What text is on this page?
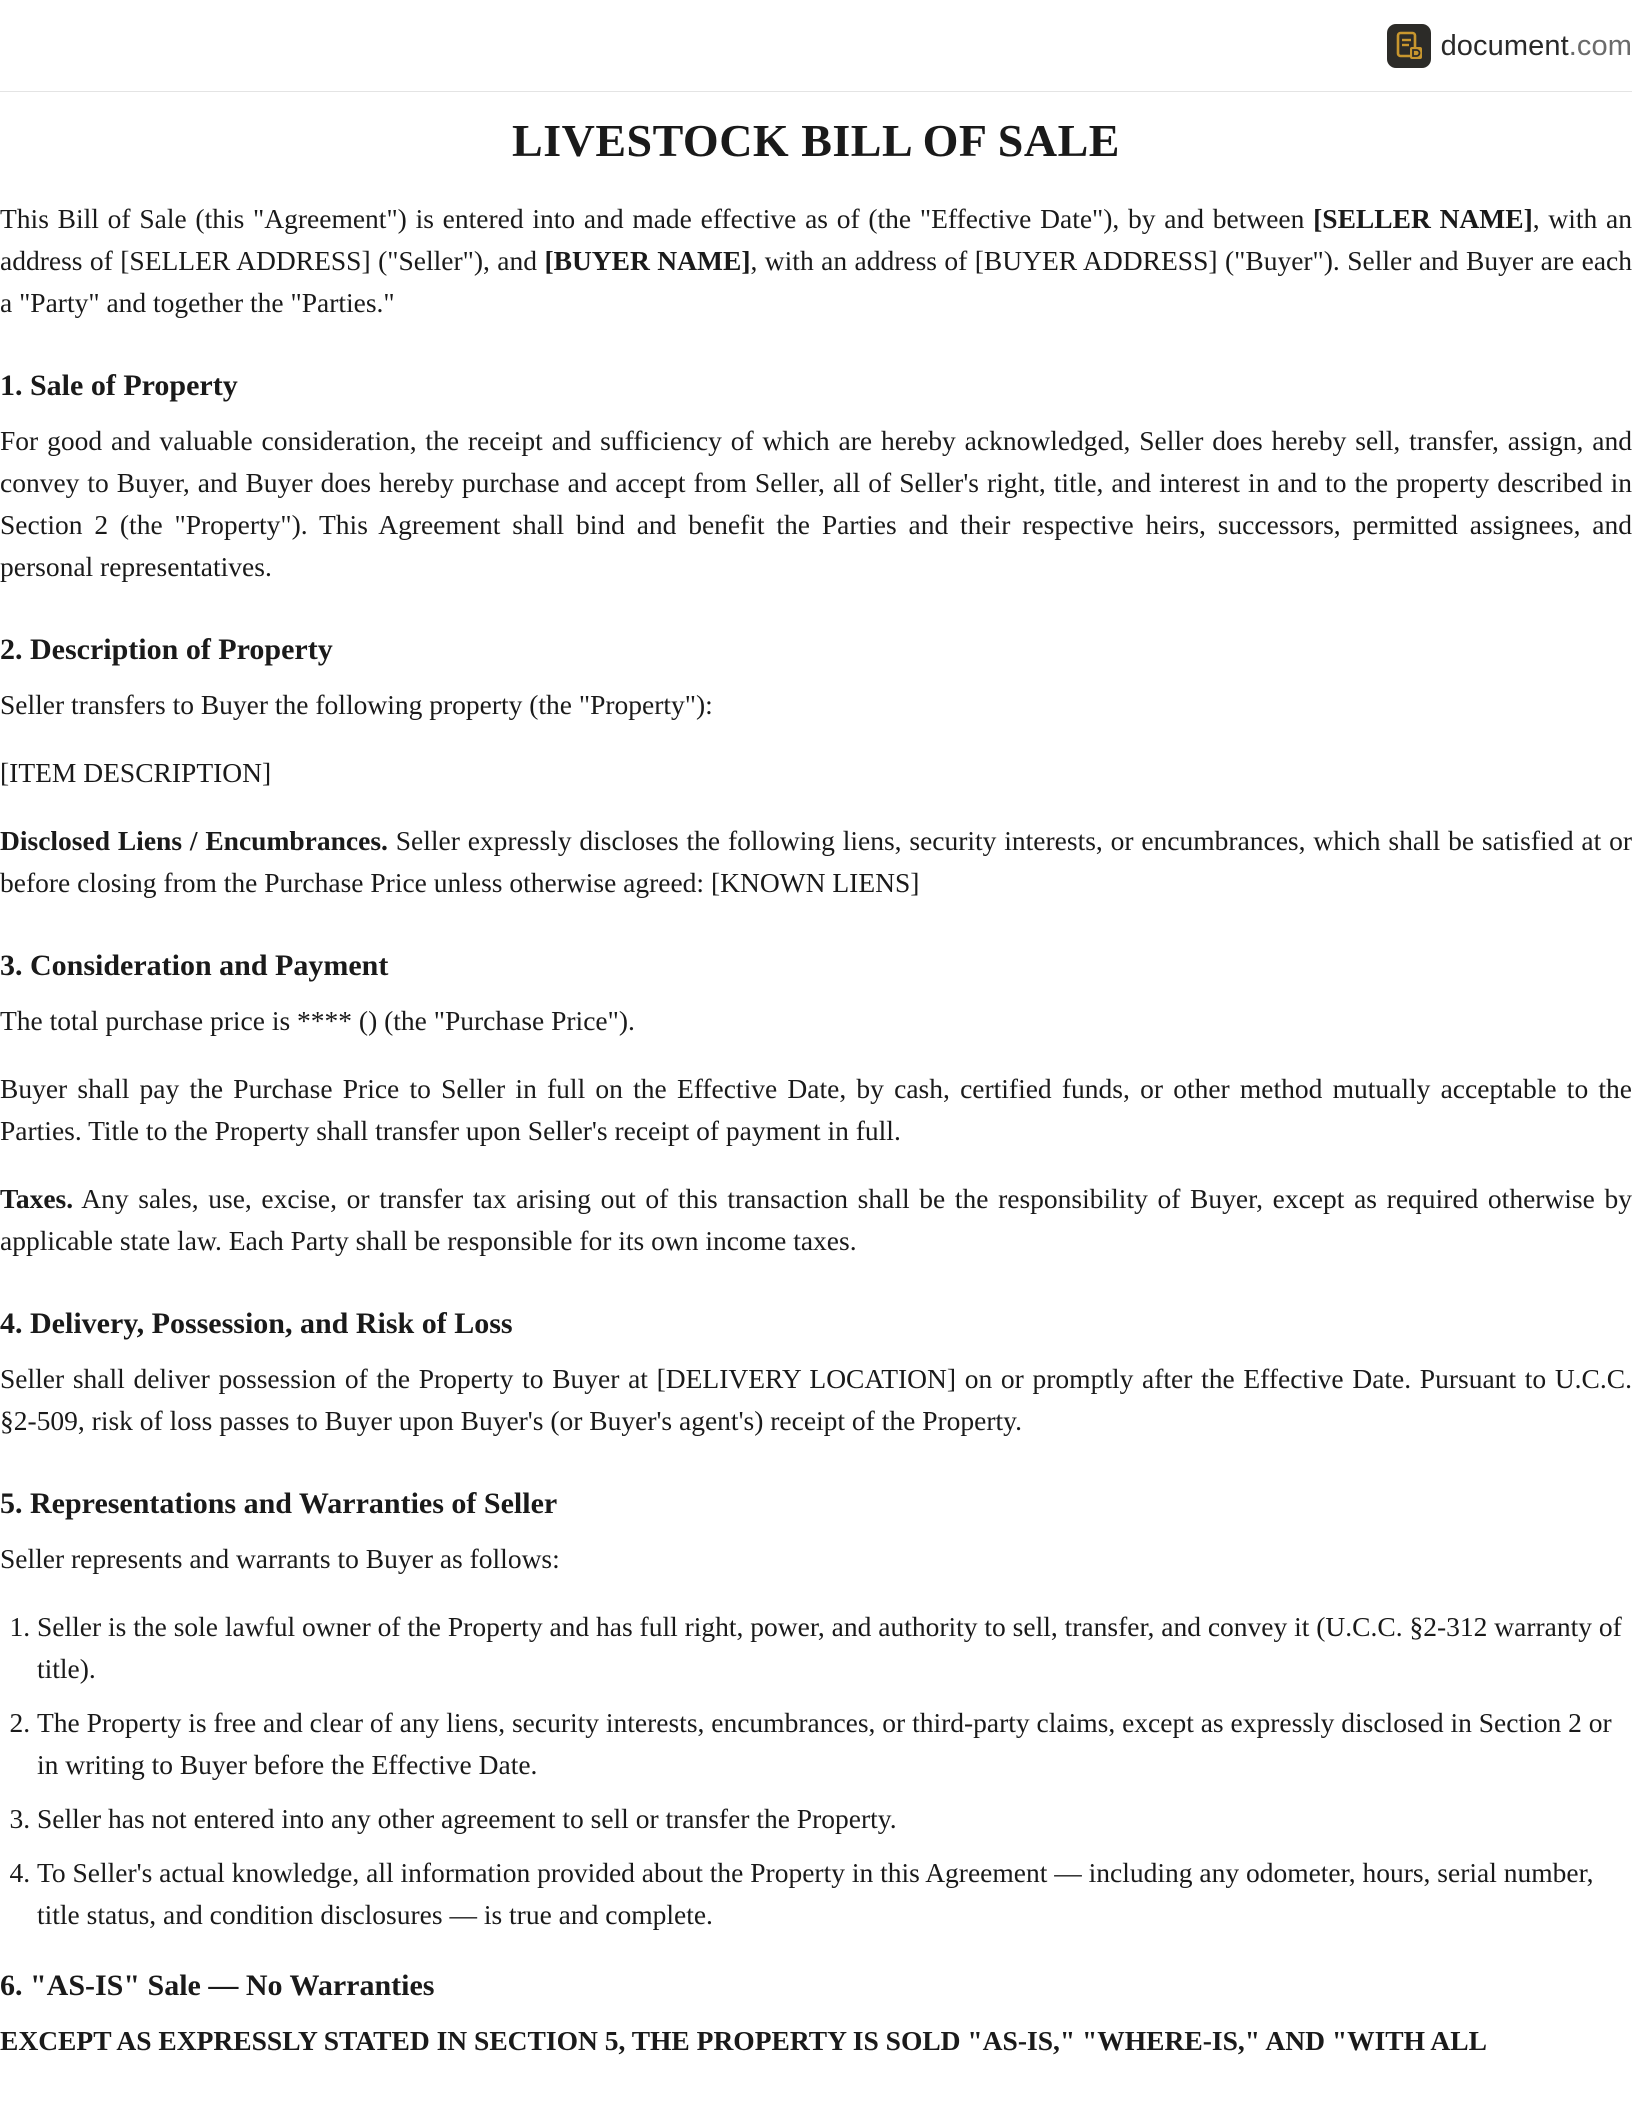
document.com
LIVESTOCK BILL OF SALE

This Bill of Sale (this "Agreement") is entered into and made effective as of (the "Effective Date"), by and between [SELLER NAME], with an address of [SELLER ADDRESS] ("Seller"), and [BUYER NAME], with an address of [BUYER ADDRESS] ("Buyer"). Seller and Buyer are each a "Party" and together the "Parties."

1. Sale of Property

For good and valuable consideration, the receipt and sufficiency of which are hereby acknowledged, Seller does hereby sell, transfer, assign, and convey to Buyer, and Buyer does hereby purchase and accept from Seller, all of Seller's right, title, and interest in and to the property described in Section 2 (the "Property"). This Agreement shall bind and benefit the Parties and their respective heirs, successors, permitted assignees, and personal representatives.

2. Description of Property

Seller transfers to Buyer the following property (the "Property"):

[ITEM DESCRIPTION]

Disclosed Liens / Encumbrances. Seller expressly discloses the following liens, security interests, or encumbrances, which shall be satisfied at or before closing from the Purchase Price unless otherwise agreed: [KNOWN LIENS]

3. Consideration and Payment

The total purchase price is **** () (the "Purchase Price").

Buyer shall pay the Purchase Price to Seller in full on the Effective Date, by cash, certified funds, or other method mutually acceptable to the Parties. Title to the Property shall transfer upon Seller's receipt of payment in full.

Taxes. Any sales, use, excise, or transfer tax arising out of this transaction shall be the responsibility of Buyer, except as required otherwise by applicable state law. Each Party shall be responsible for its own income taxes.

4. Delivery, Possession, and Risk of Loss

Seller shall deliver possession of the Property to Buyer at [DELIVERY LOCATION] on or promptly after the Effective Date. Pursuant to U.C.C. §2-509, risk of loss passes to Buyer upon Buyer's (or Buyer's agent's) receipt of the Property.

5. Representations and Warranties of Seller

Seller represents and warrants to Buyer as follows:

1. Seller is the sole lawful owner of the Property and has full right, power, and authority to sell, transfer, and convey it (U.C.C. §2-312 warranty of title).
2. The Property is free and clear of any liens, security interests, encumbrances, or third-party claims, except as expressly disclosed in Section 2 or in writing to Buyer before the Effective Date.
3. Seller has not entered into any other agreement to sell or transfer the Property.
4. To Seller's actual knowledge, all information provided about the Property in this Agreement — including any odometer, hours, serial number, title status, and condition disclosures — is true and complete.
6. "AS-IS" Sale — No Warranties
EXCEPT AS EXPRESSLY STATED IN SECTION 5, THE PROPERTY IS SOLD "AS-IS," "WHERE-IS," AND "WITH ALL
